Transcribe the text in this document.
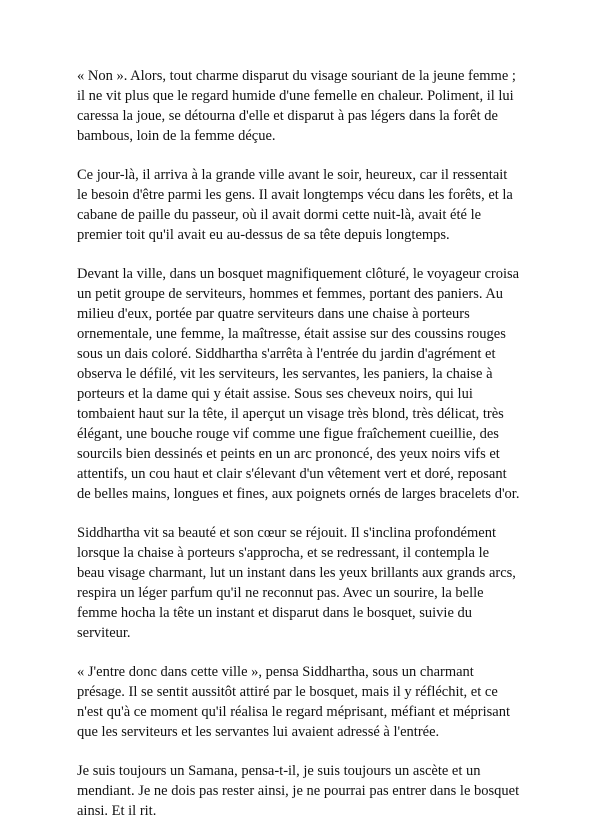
« Non ». Alors, tout charme disparut du visage souriant de la jeune femme ;
il ne vit plus que le regard humide d'une femelle en chaleur. Poliment, il lui
caressa la joue, se détourna d'elle et disparut à pas légers dans la forêt de
bambous, loin de la femme déçue.

Ce jour-là, il arriva à la grande ville avant le soir, heureux, car il ressentait
le besoin d'être parmi les gens. Il avait longtemps vécu dans les forêts, et la
cabane de paille du passeur, où il avait dormi cette nuit-là, avait été le
premier toit qu'il avait eu au-dessus de sa tête depuis longtemps.

Devant la ville, dans un bosquet magnifiquement clôturé, le voyageur croisa
un petit groupe de serviteurs, hommes et femmes, portant des paniers. Au
milieu d'eux, portée par quatre serviteurs dans une chaise à porteurs
ornementale, une femme, la maîtresse, était assise sur des coussins rouges
sous un dais coloré. Siddhartha s'arrêta à l'entrée du jardin d'agrément et
observa le défilé, vit les serviteurs, les servantes, les paniers, la chaise à
porteurs et la dame qui y était assise. Sous ses cheveux noirs, qui lui
tombaient haut sur la tête, il aperçut un visage très blond, très délicat, très
élégant, une bouche rouge vif comme une figue fraîchement cueillie, des
sourcils bien dessinés et peints en un arc prononcé, des yeux noirs vifs et
attentifs, un cou haut et clair s'élevant d'un vêtement vert et doré, reposant
de belles mains, longues et fines, aux poignets ornés de larges bracelets d'or.

Siddhartha vit sa beauté et son cœur se réjouit. Il s'inclina profondément
lorsque la chaise à porteurs s'approcha, et se redressant, il contempla le
beau visage charmant, lut un instant dans les yeux brillants aux grands arcs,
respira un léger parfum qu'il ne reconnut pas. Avec un sourire, la belle
femme hocha la tête un instant et disparut dans le bosquet, suivie du
serviteur.

« J'entre donc dans cette ville », pensa Siddhartha, sous un charmant
présage. Il se sentit aussitôt attiré par le bosquet, mais il y réfléchit, et ce
n'est qu'à ce moment qu'il réalisa le regard méprisant, méfiant et méprisant
que les serviteurs et les servantes lui avaient adressé à l'entrée.

Je suis toujours un Samana, pensa-t-il, je suis toujours un ascète et un
mendiant. Je ne dois pas rester ainsi, je ne pourrai pas entrer dans le bosquet
ainsi. Et il rit.
